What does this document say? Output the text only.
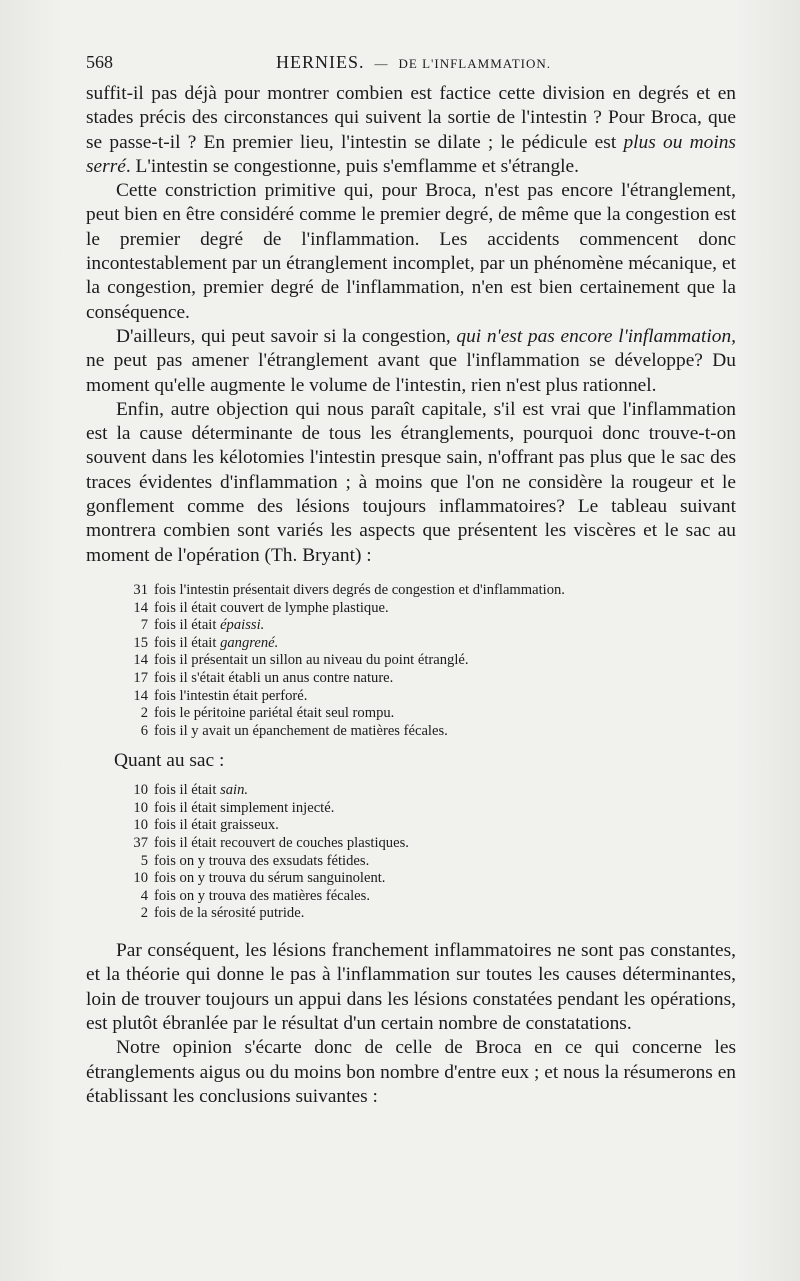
568	HERNIES. — DE L'INFLAMMATION.

suffit-il pas déjà pour montrer combien est factice cette division en degrés et en stades précis des circonstances qui suivent la sortie de l'intestin ? Pour Broca, que se passe-t-il ? En premier lieu, l'intestin se dilate ; le pédicule est plus ou moins serré. L'intestin se congestionne, puis s'emflamme et s'étrangle.

Cette constriction primitive qui, pour Broca, n'est pas encore l'étranglement, peut bien en être considéré comme le premier degré, de même que la congestion est le premier degré de l'inflammation. Les accidents commencent donc incontestablement par un étranglement incomplet, par un phénomène mécanique, et la congestion, premier degré de l'inflammation, n'en est bien certainement que la conséquence.

D'ailleurs, qui peut savoir si la congestion, qui n'est pas encore l'inflammation, ne peut pas amener l'étranglement avant que l'inflammation se développe? Du moment qu'elle augmente le volume de l'intestin, rien n'est plus rationnel.

Enfin, autre objection qui nous paraît capitale, s'il est vrai que l'inflammation est la cause déterminante de tous les étranglements, pourquoi donc trouve-t-on souvent dans les kélotomies l'intestin presque sain, n'offrant pas plus que le sac des traces évidentes d'inflammation ; à moins que l'on ne considère la rougeur et le gonflement comme des lésions toujours inflammatoires? Le tableau suivant montrera combien sont variés les aspects que présentent les viscères et le sac au moment de l'opération (Th. Bryant) :

31 fois l'intestin présentait divers degrés de congestion et d'inflammation.
14 fois il était couvert de lymphe plastique.
7 fois il était épaissi.
15 fois il était gangrené.
14 fois il présentait un sillon au niveau du point étranglé.
17 fois il s'était établi un anus contre nature.
14 fois l'intestin était perforé.
2 fois le péritoine pariétal était seul rompu.
6 fois il y avait un épanchement de matières fécales.
Quant au sac :
10 fois il était sain.
10 fois il était simplement injecté.
10 fois il était graisseux.
37 fois il était recouvert de couches plastiques.
5 fois on y trouva des exsudats fétides.
10 fois on y trouva du sérum sanguinolent.
4 fois on y trouva des matières fécales.
2 fois de la sérosité putride.

Par conséquent, les lésions franchement inflammatoires ne sont pas constantes, et la théorie qui donne le pas à l'inflammation sur toutes les causes déterminantes, loin de trouver toujours un appui dans les lésions constatées pendant les opérations, est plutôt ébranlée par le résultat d'un certain nombre de constatations.

Notre opinion s'écarte donc de celle de Broca en ce qui concerne les étranglements aigus ou du moins bon nombre d'entre eux ; et nous la résumerons en établissant les conclusions suivantes :
